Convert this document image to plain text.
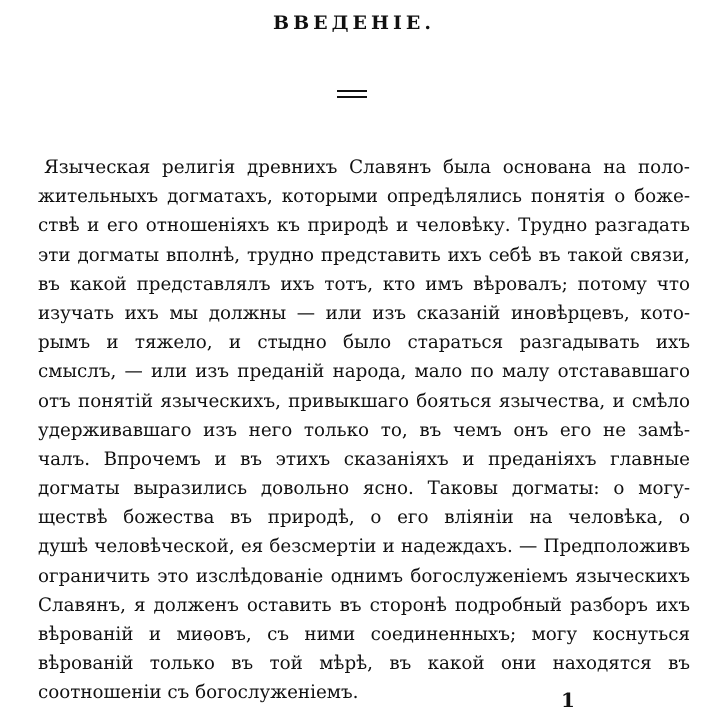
ВВЕДЕНІЕ.
Языческая религія древнихъ Славянъ была основана на поло-
жительныхъ догматахъ, которыми опредѣлялись понятія о боже-
ствѣ и его отношеніяхъ къ природѣ и человѣку. Трудно разгадать
эти догматы вполнѣ, трудно представить ихъ себѣ въ такой связи,
въ какой представлялъ ихъ тотъ, кто имъ вѣровалъ; потому что
изучать ихъ мы должны — или изъ сказаній иновѣрцевъ, кото-
рымъ и тяжело, и стыдно было стараться разгадывать ихъ
смыслъ, — или изъ преданій народа, мало по малу отстававшаго
отъ понятій языческихъ, привыкшаго бояться язычества, и смѣло
удерживавшаго изъ него только то, въ чемъ онъ его не замѣ-
чалъ. Впрочемъ и въ этихъ сказаніяхъ и преданіяхъ главные
догматы выразились довольно ясно. Таковы догматы: о могу-
ществѣ божества въ природѣ, о его вліяніи на человѣка, о
душѣ человѣческой, ея безсмертіи и надеждахъ. — Предположивъ
ограничить это изслѣдованіе однимъ богослуженіемъ языческихъ
Славянъ, я долженъ оставить въ сторонѣ подробный разборъ ихъ
вѣрованій и миѳовъ, съ ними соединенныхъ; могу коснуться
вѣрованій только въ той мѣрѣ, въ какой они находятся въ
соотношеніи съ богослуженіемъ.	1
